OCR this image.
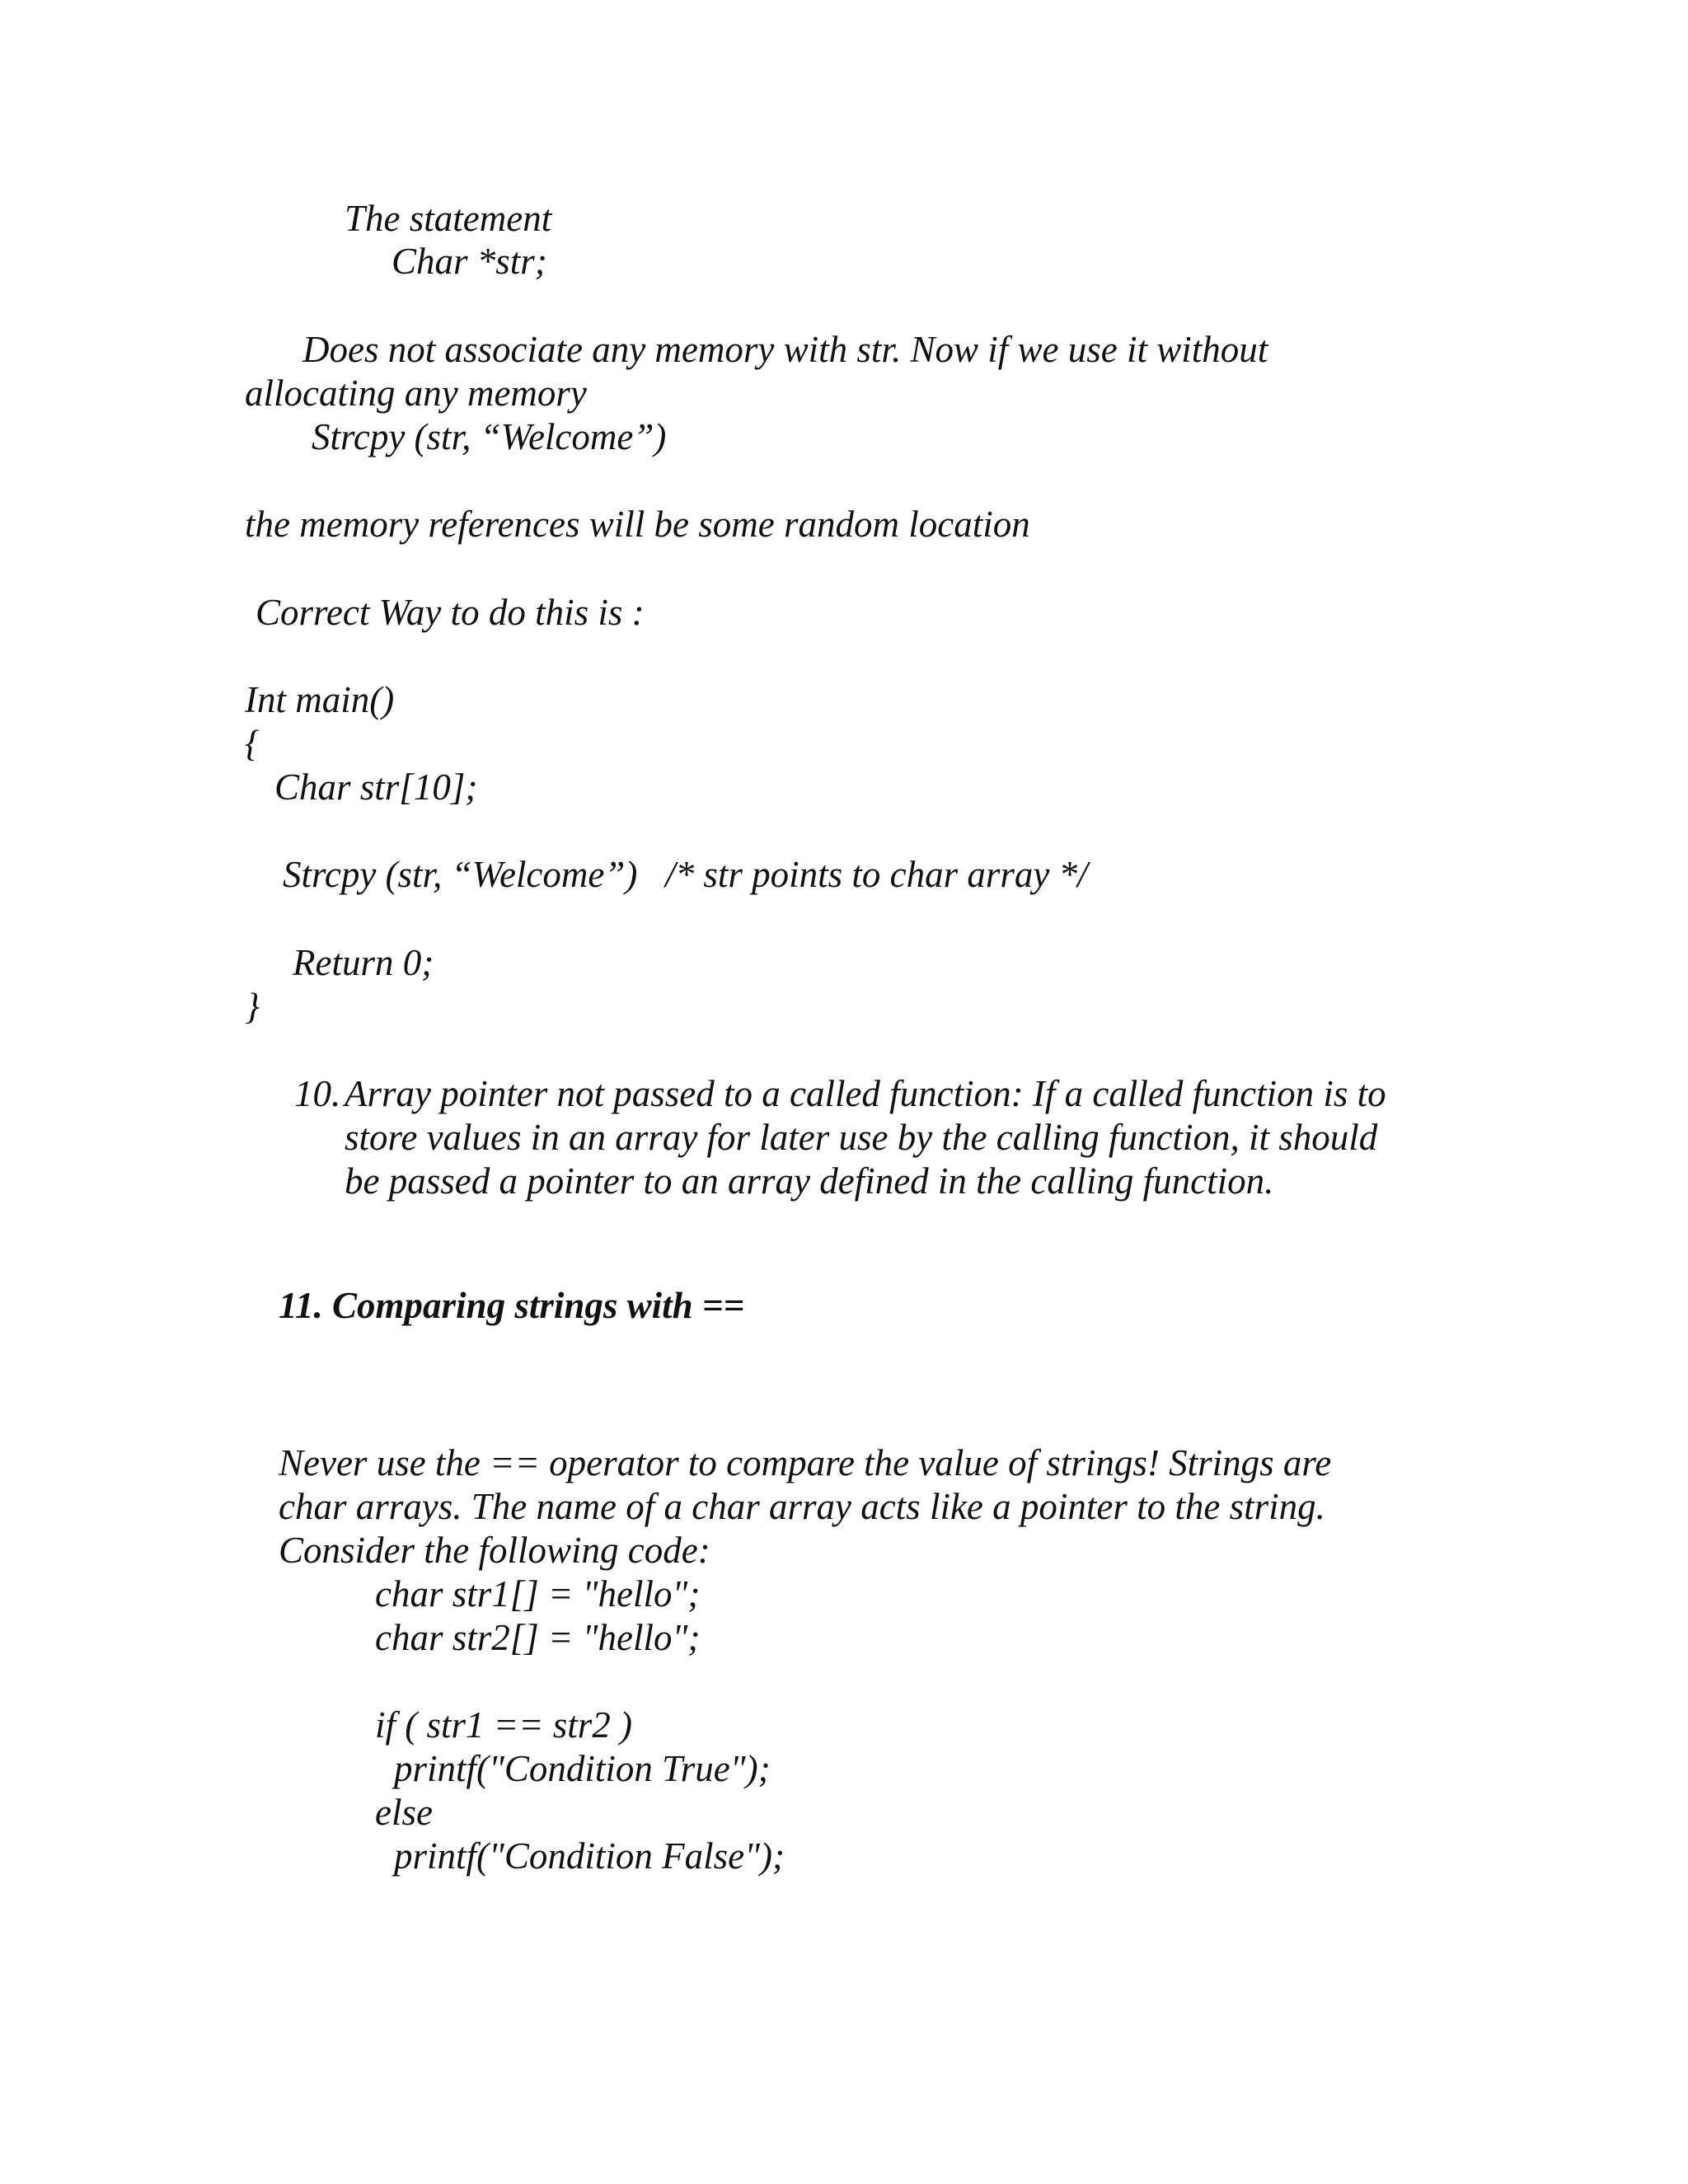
The statement

Char *str;

Does not associate any memory with str. Now if we use it without

allocating any memory

Strcpy (str, “Welcome”)

the memory references will be some random location

Correct Way to do this is :

Int main()

{

Char str[10];

Strcpy (str, “Welcome”)   /* str points to char array */

Return 0;

}

10. Array pointer not passed to a called function: If a called function is to

store values in an array for later use by the calling function, it should

be passed a pointer to an array defined in the calling function.

11. Comparing strings with ==

Never use the == operator to compare the value of strings! Strings are

char arrays. The name of a char array acts like a pointer to the string.

Consider the following code:

char str1[] = "hello";

char str2[] = "hello";

if ( str1 == str2 )

printf("Condition True");

else

printf("Condition False");
